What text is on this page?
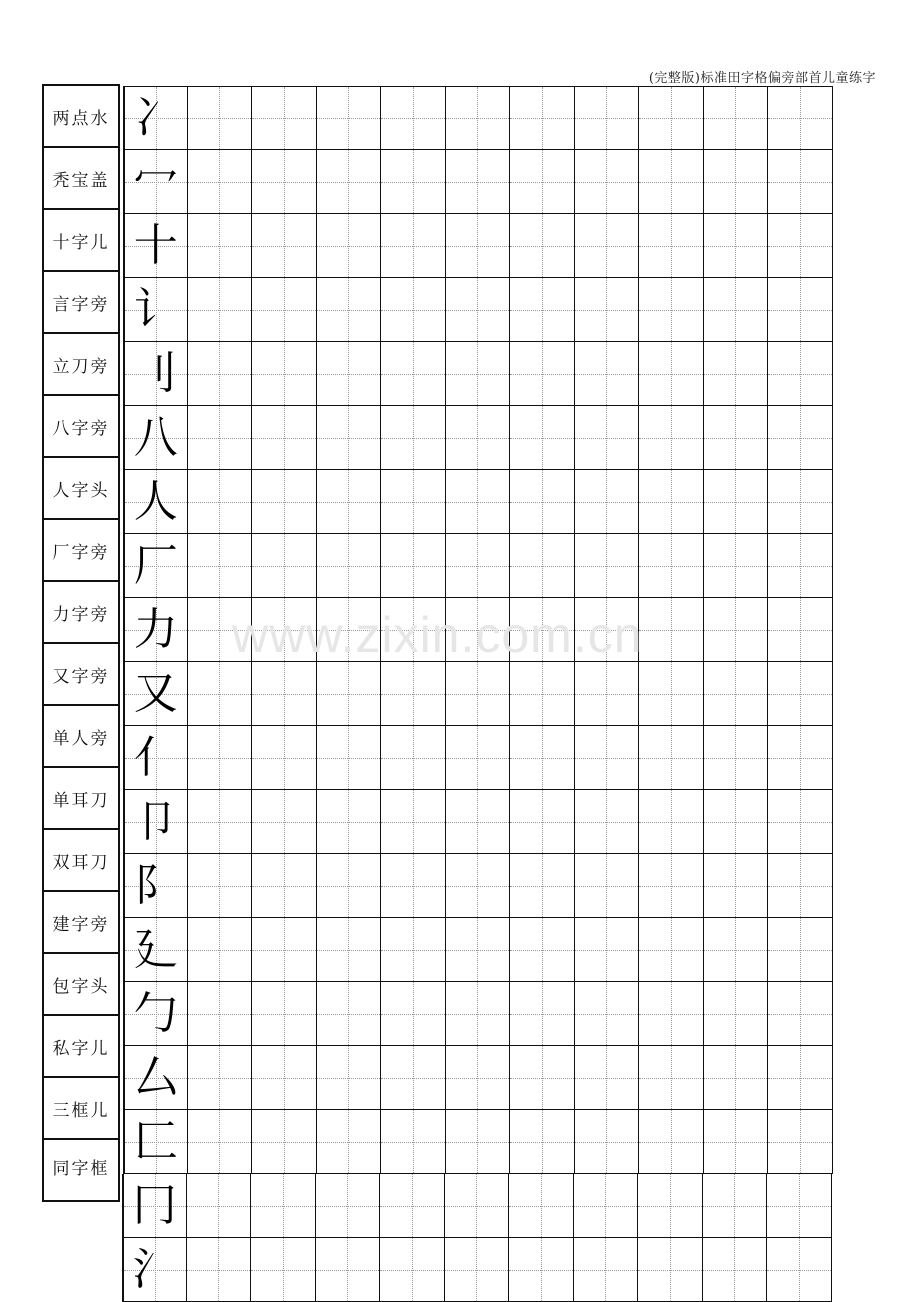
(完整版)标准田字格偏旁部首儿童练字
两点水
秃宝盖
十字儿
言字旁
立刀旁
八字旁
人字头
厂字旁
力字旁
又字旁
单人旁
单耳刀
双耳刀
建字旁
包字头
私字儿
三框儿
同字框
冫
冖
十
讠
刂
八
人
厂
力
又
亻
卩
阝
廴
勹
厶
匚
冂
氵
www.zixin.com.cn
